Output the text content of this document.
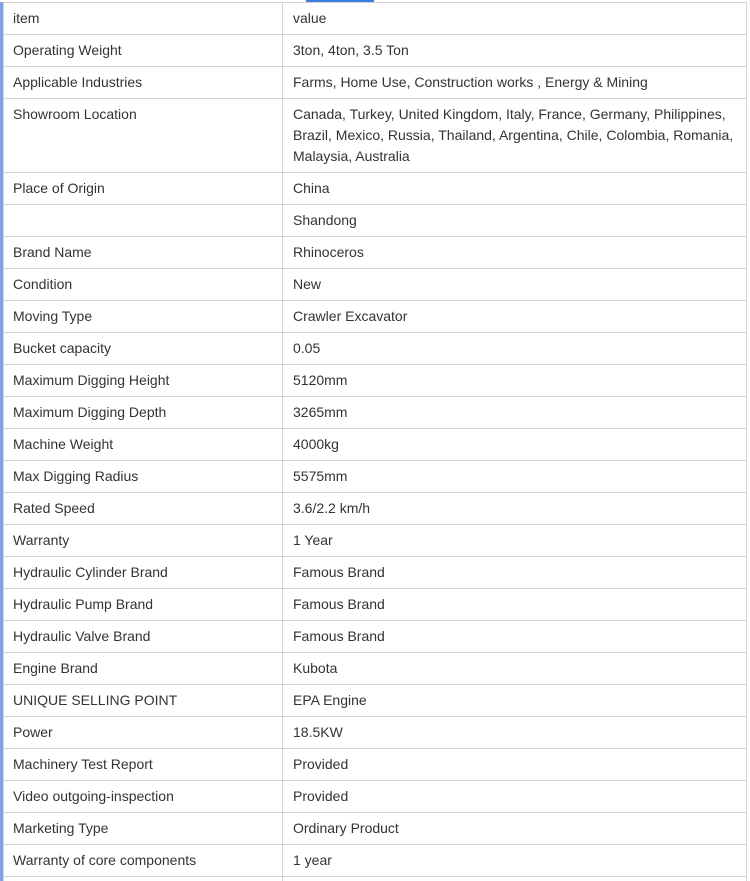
item	value
Operating Weight	3ton, 4ton, 3.5 Ton
Applicable Industries	Farms, Home Use, Construction works , Energy & Mining
Showroom Location	Canada, Turkey, United Kingdom, Italy, France, Germany, Philippines, Brazil, Mexico, Russia, Thailand, Argentina, Chile, Colombia, Romania, Malaysia, Australia
Place of Origin	China
	Shandong
Brand Name	Rhinoceros
Condition	New
Moving Type	Crawler Excavator
Bucket capacity	0.05
Maximum Digging Height	5120mm
Maximum Digging Depth	3265mm
Machine Weight	4000kg
Max Digging Radius	5575mm
Rated Speed	3.6/2.2 km/h
Warranty	1 Year
Hydraulic Cylinder Brand	Famous Brand
Hydraulic Pump Brand	Famous Brand
Hydraulic Valve Brand	Famous Brand
Engine Brand	Kubota
UNIQUE SELLING POINT	EPA Engine
Power	18.5KW
Machinery Test Report	Provided
Video outgoing-inspection	Provided
Marketing Type	Ordinary Product
Warranty of core components	1 year
